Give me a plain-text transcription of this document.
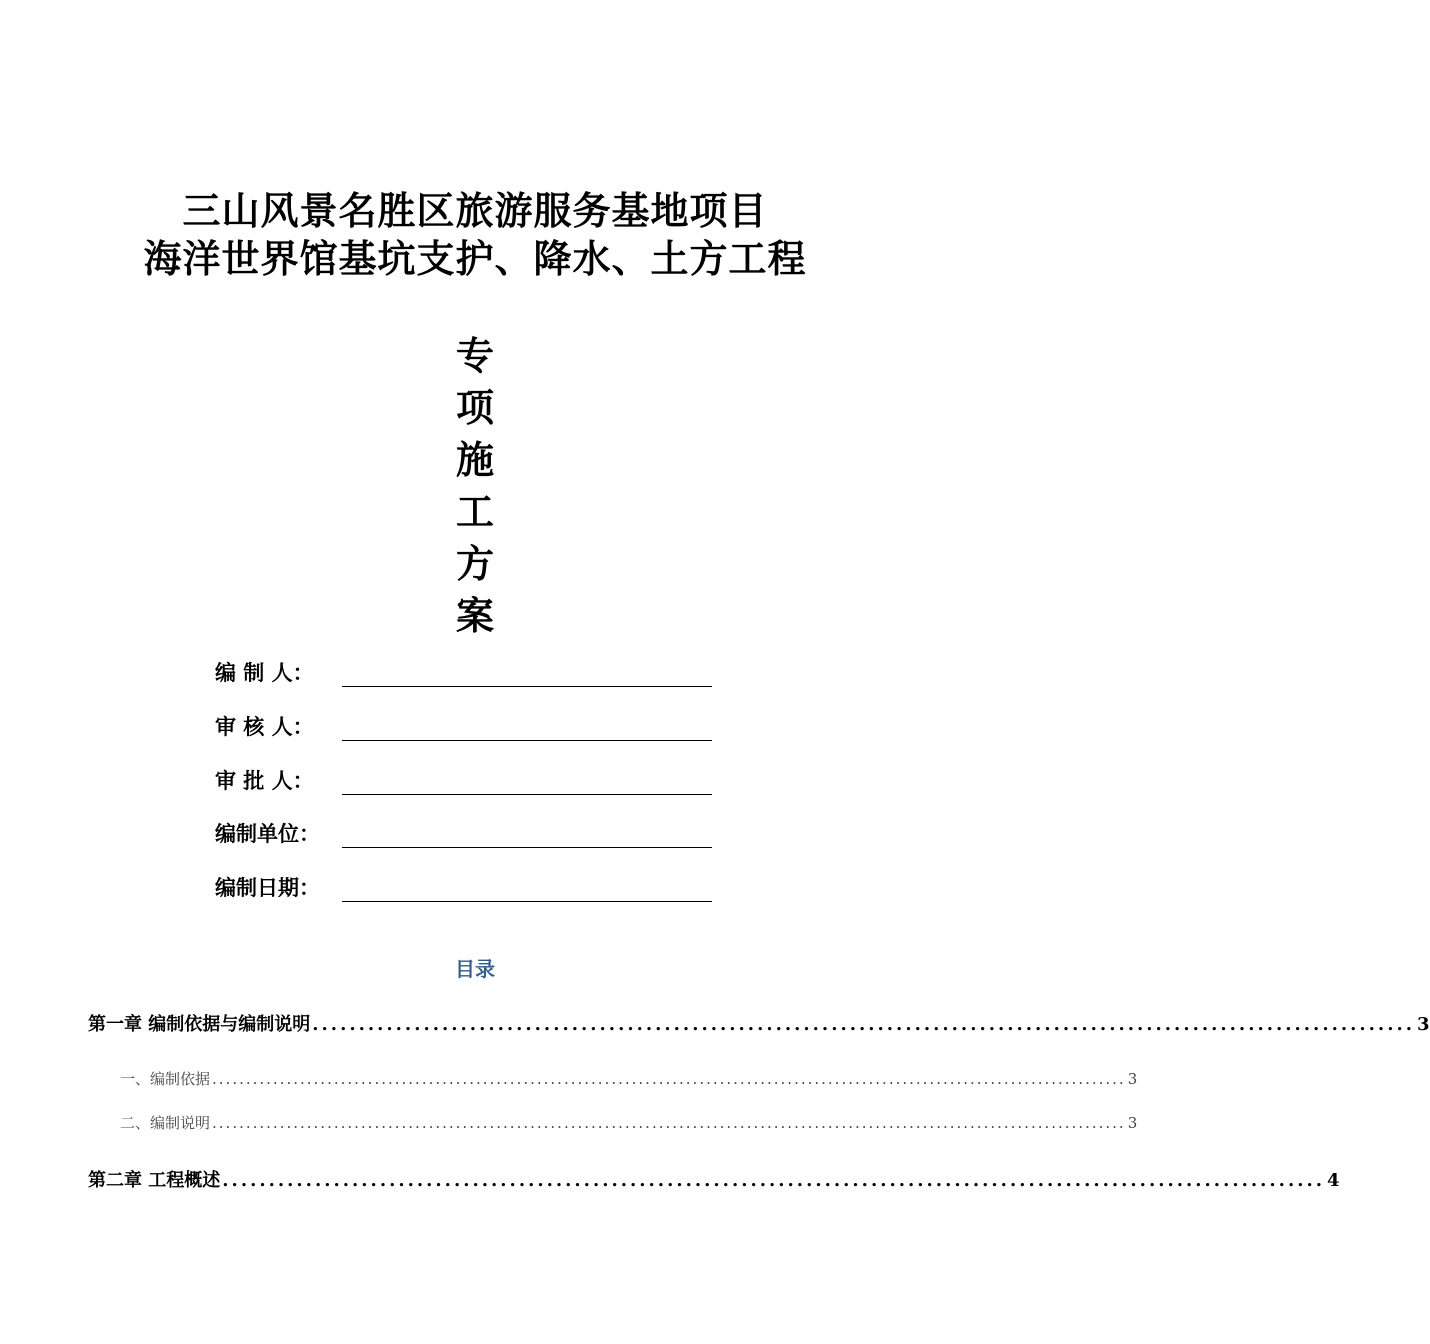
三山风景名胜区旅游服务基地项目
海洋世界馆基坑支护、降水、土方工程
专
项
施
工
方
案
编 制 人：
审 核 人：
审 批 人：
编制单位：
编制日期：
目录
第一章 编制依据与编制说明 ....................................................................................................................... 3
一、编制依据 ....................................................................................................................................... 3
二、编制说明 ....................................................................................................................................... 3
第二章 工程概述 ....................................................................................................................... 4
